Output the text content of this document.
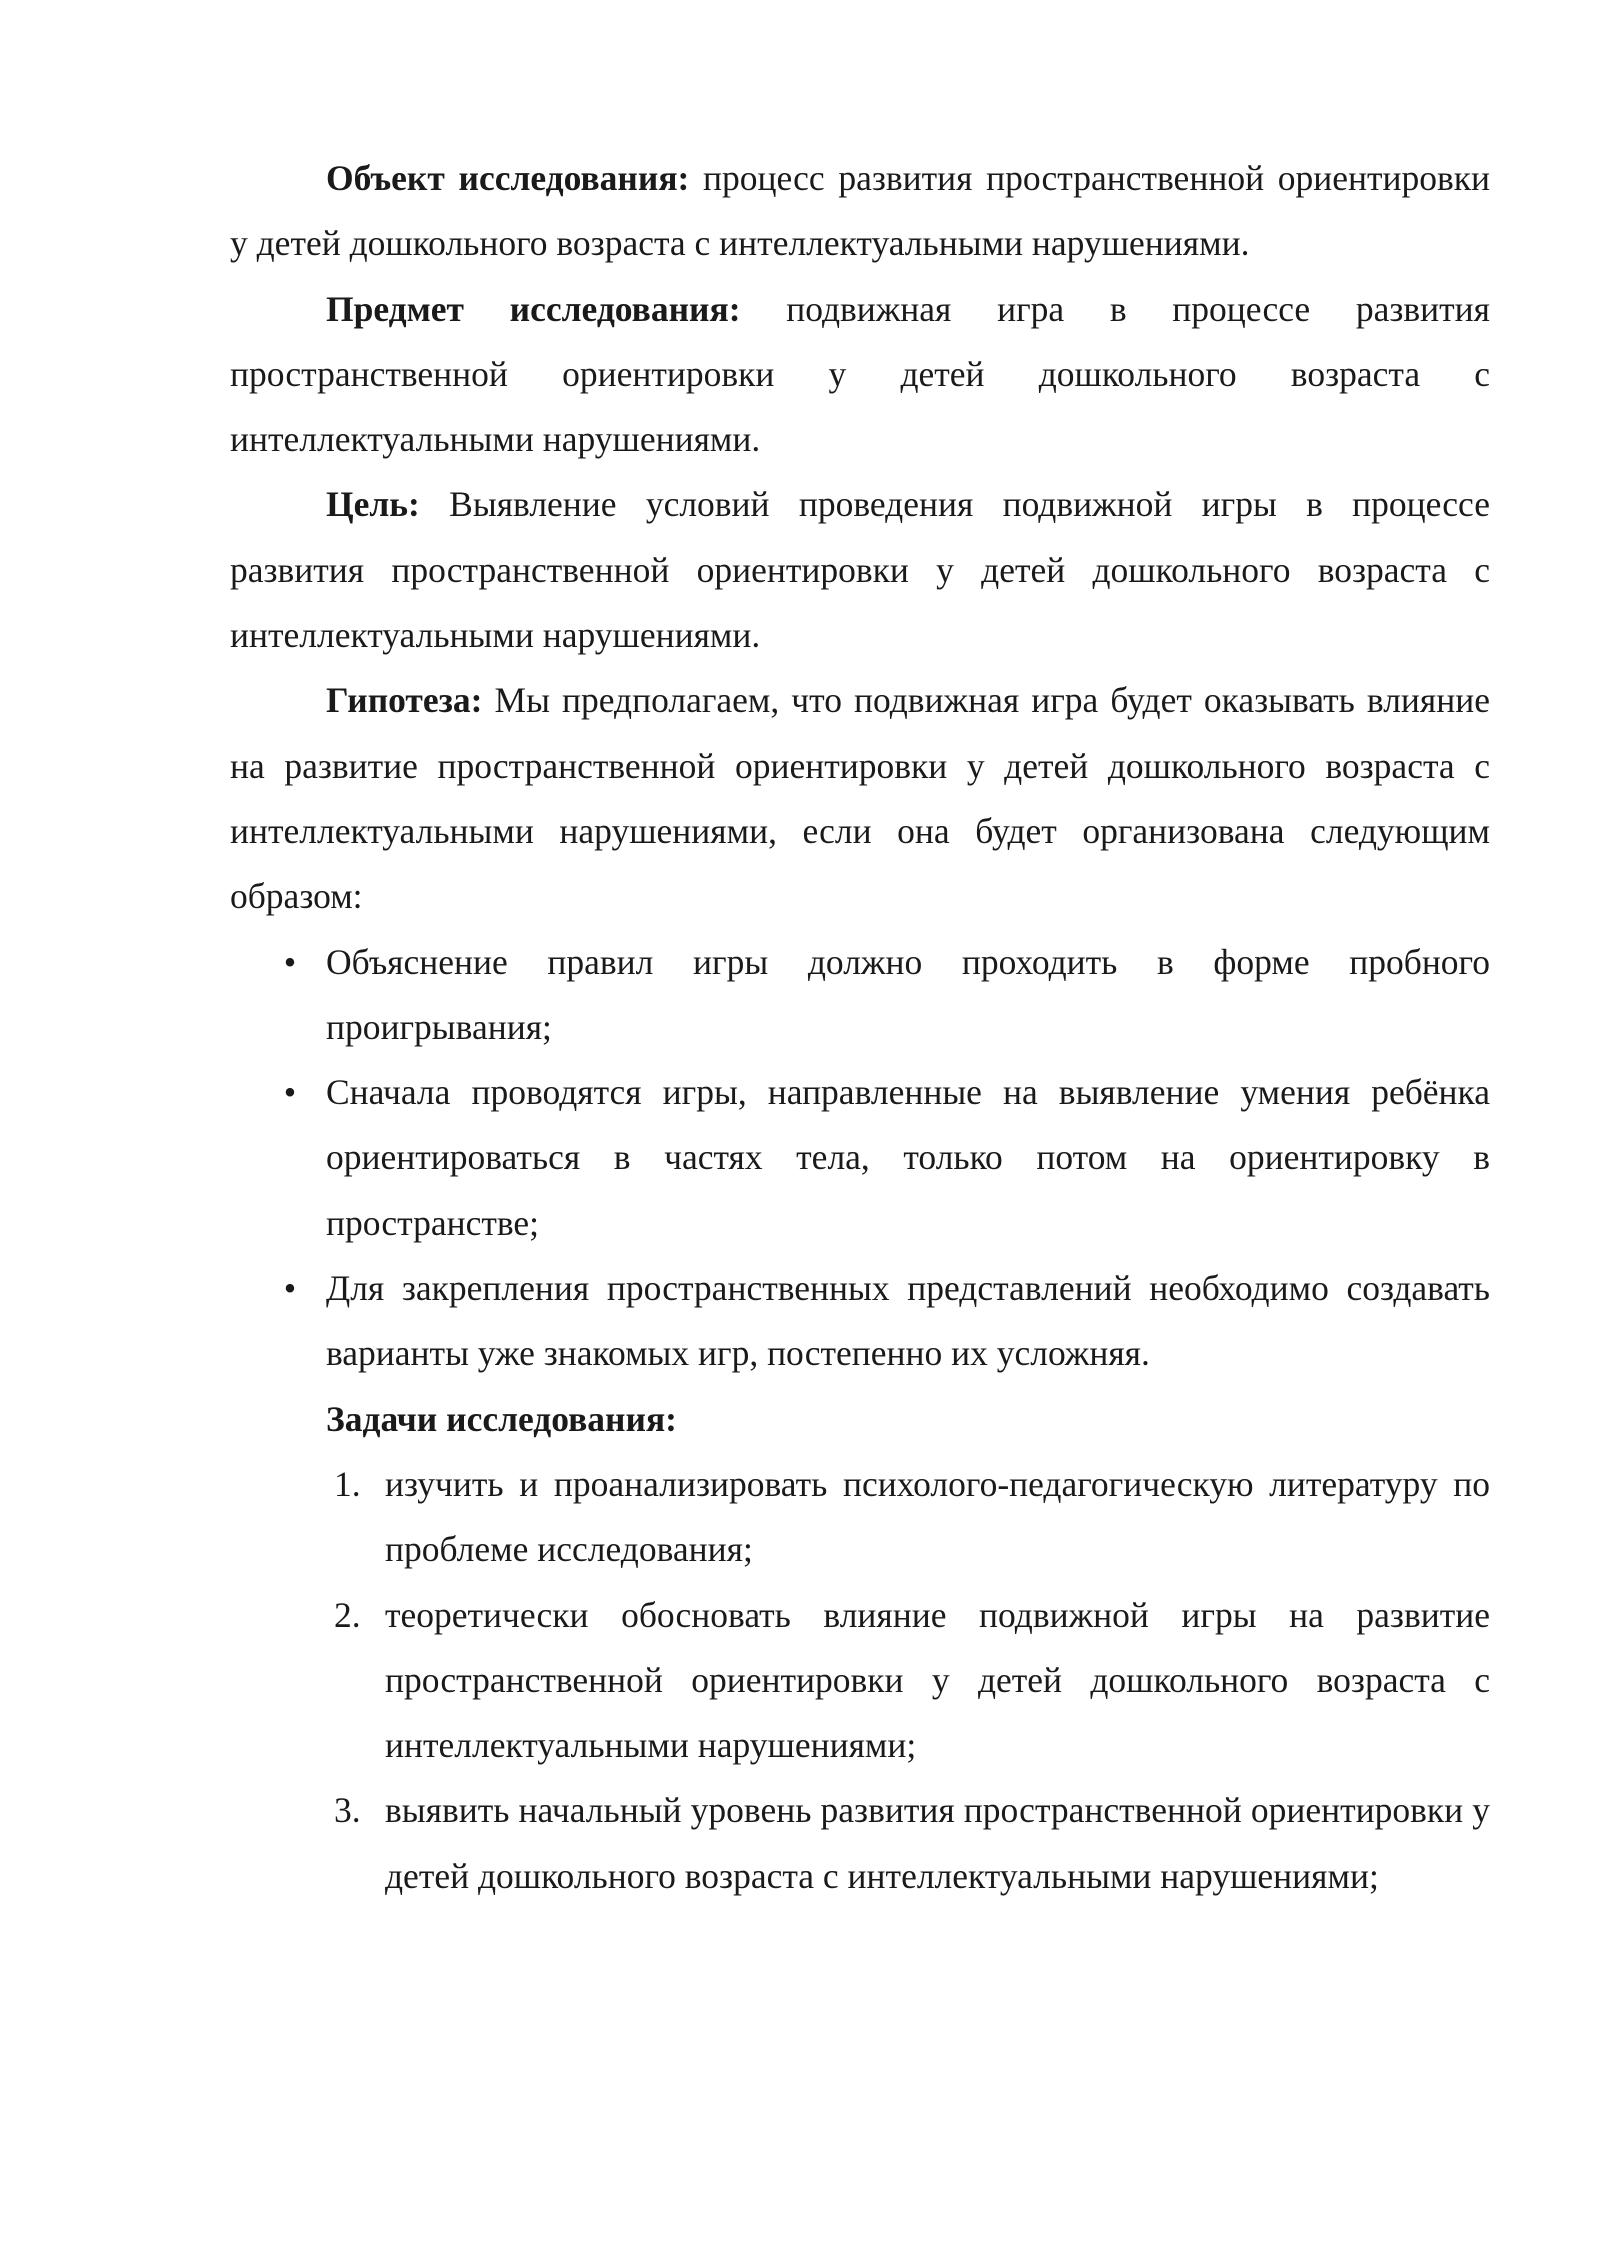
Объект исследования: процесс развития пространственной ориентировки у детей дошкольного возраста с интеллектуальными нарушениями.

Предмет исследования: подвижная игра в процессе развития пространственной ориентировки у детей дошкольного возраста с интеллектуальными нарушениями.

Цель: Выявление условий проведения подвижной игры в процессе развития пространственной ориентировки у детей дошкольного возраста с интеллектуальными нарушениями.

Гипотеза: Мы предполагаем, что подвижная игра будет оказывать влияние на развитие пространственной ориентировки у детей дошкольного возраста с интеллектуальными нарушениями, если она будет организована следующим образом:

• Объяснение правил игры должно проходить в форме пробного проигрывания;
• Сначала проводятся игры, направленные на выявление умения ребёнка ориентироваться в частях тела, только потом на ориентировку в пространстве;
• Для закрепления пространственных представлений необходимо создавать варианты уже знакомых игр, постепенно их усложняя.

Задачи исследования:

1. изучить и проанализировать психолого-педагогическую литературу по проблеме исследования;
2. теоретически обосновать влияние подвижной игры на развитие пространственной ориентировки у детей дошкольного возраста с интеллектуальными нарушениями;
3. выявить начальный уровень развития пространственной ориентировки у детей дошкольного возраста с интеллектуальными нарушениями;
